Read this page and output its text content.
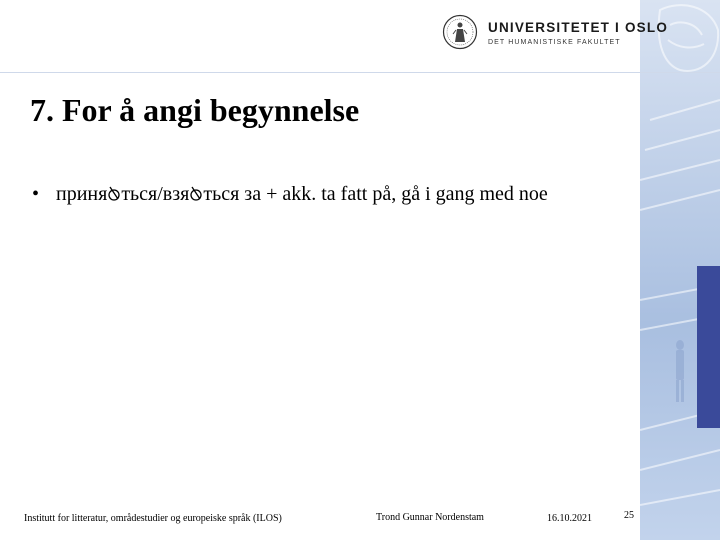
UNIVERSITETET I OSLO
DET HUMANISTISKE FAKULTET
7. For å angi begynnelse
• приня ться/взя ться за + akk. ta fatt på, gå i gang med noe
Institutt for litteratur, områdestudier og europeiske språk (ILOS)	Trond Gunnar Nordenstam	16.10.2021	25
